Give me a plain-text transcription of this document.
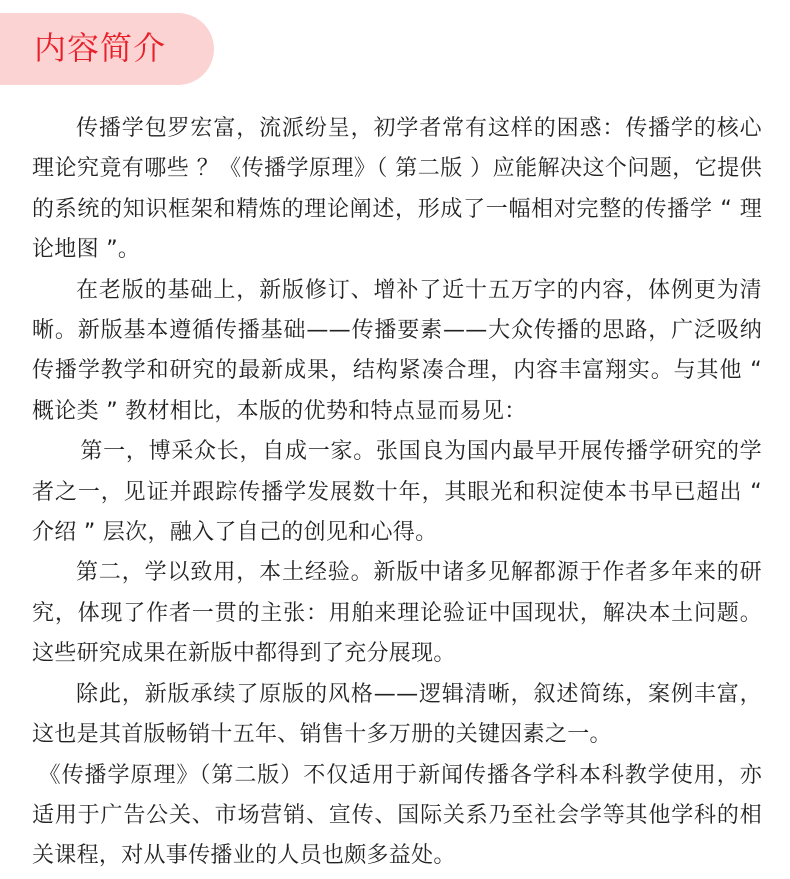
内容简介

传播学包罗宏富，流派纷呈，初学者常有这样的困惑：传播学的核心理论究竟有哪些 ？《传播学原理》（ 第二版 ）应能解决这个问题，它提供的系统的知识框架和精炼的理论阐述，形成了一幅相对完整的传播学 “ 理论地图 ”。

在老版的基础上，新版修订、增补了近十五万字的内容，体例更为清晰。新版基本遵循传播基础——传播要素——大众传播的思路，广泛吸纳传播学教学和研究的最新成果，结构紧凑合理，内容丰富翔实。与其他 “ 概论类 ” 教材相比，本版的优势和特点显而易见：

第一，博采众长，自成一家。张国良为国内最早开展传播学研究的学者之一，见证并跟踪传播学发展数十年，其眼光和积淀使本书早已超出 “ 介绍 ” 层次，融入了自己的创见和心得。

第二，学以致用，本土经验。新版中诸多见解都源于作者多年来的研究，体现了作者一贯的主张：用舶来理论验证中国现状，解决本土问题。这些研究成果在新版中都得到了充分展现。

除此，新版承续了原版的风格——逻辑清晰，叙述简练，案例丰富，这也是其首版畅销十五年、销售十多万册的关键因素之一。

《传播学原理》（第二版）不仅适用于新闻传播各学科本科教学使用，亦适用于广告公关、市场营销、宣传、国际关系乃至社会学等其他学科的相关课程，对从事传播业的人员也颇多益处。
